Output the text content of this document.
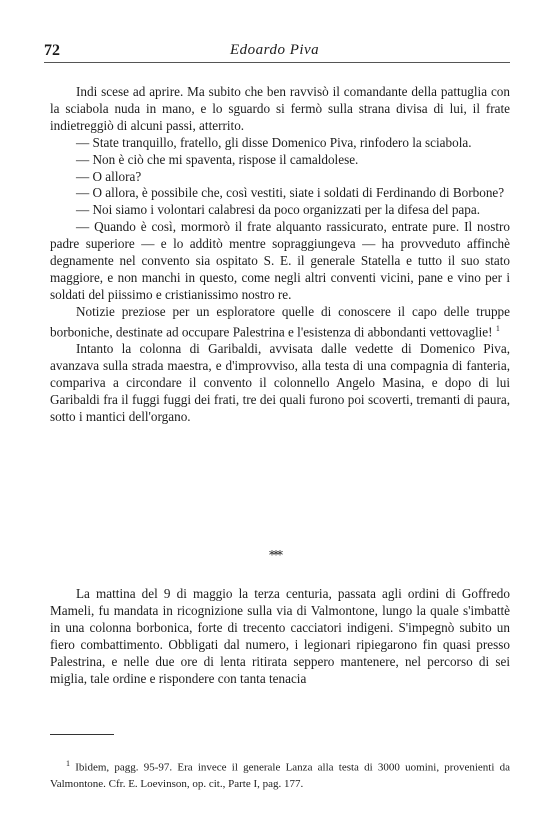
72	Edoardo Piva

Indi scese ad aprire. Ma subito che ben ravvisò il comandante della pattuglia con la sciabola nuda in mano, e lo sguardo si fermò sulla strana divisa di lui, il frate indietreggiò di alcuni passi, atterrito.

— State tranquillo, fratello, gli disse Domenico Piva, rinfodero la sciabola.

— Non è ciò che mi spaventa, rispose il camaldolese.

— O allora?

— O allora, è possibile che, così vestiti, siate i soldati di Ferdinando di Borbone?

— Noi siamo i volontari calabresi da poco organizzati per la difesa del papa.

— Quando è così, mormorò il frate alquanto rassicurato, entrate pure. Il nostro padre superiore — e lo additò mentre sopraggiungeva — ha provveduto affinchè degnamente nel convento sia ospitato S. E. il generale Statella e tutto il suo stato maggiore, e non manchi in questo, come negli altri conventi vicini, pane e vino per i soldati del piissimo e cristianissimo nostro re.

Notizie preziose per un esploratore quelle di conoscere il capo delle truppe borboniche, destinate ad occupare Palestrina e l'esistenza di abbondanti vettovaglie! $^1$

Intanto la colonna di Garibaldi, avvisata dalle vedette di Domenico Piva, avanzava sulla strada maestra, e d'improvviso, alla testa di una compagnia di fanteria, compariva a circondare il convento il colonnello Angelo Masina, e dopo di lui Garibaldi fra il fuggi fuggi dei frati, tre dei quali furono poi scoverti, tremanti di paura, sotto i mantici dell'organo.

***

La mattina del 9 di maggio la terza centuria, passata agli ordini di Goffredo Mameli, fu mandata in ricognizione sulla via di Valmontone, lungo la quale s'imbattè in una colonna borbonica, forte di trecento cacciatori indigeni. S'impegnò subito un fiero combattimento. Obbligati dal numero, i legionari ripiegarono fin quasi presso Palestrina, e nelle due ore di lenta ritirata seppero mantenere, nel percorso di sei miglia, tale ordine e rispondere con tanta tenacia

$^1$ Ibidem, pagg. 95-97. Era invece il generale Lanza alla testa di 3000 uomini, provenienti da Valmontone. Cfr. E. Loevinson, op. cit., Parte I, pag. 177.
